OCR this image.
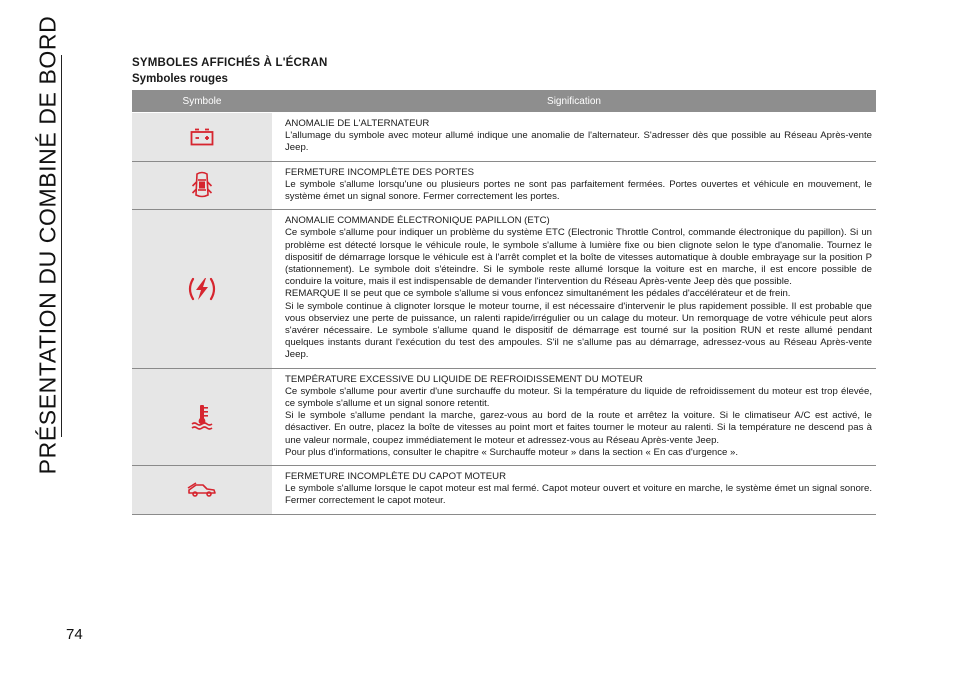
PRÉSENTATION DU COMBINÉ DE BORD
74
SYMBOLES AFFICHÉS À L'ÉCRAN
Symboles rouges
Symbole	Signification
ANOMALIE DE L'ALTERNATEUR
L'allumage du symbole avec moteur allumé indique une anomalie de l'alternateur. S'adresser dès que possible au Réseau Après-vente Jeep.
FERMETURE INCOMPLÈTE DES PORTES
Le symbole s'allume lorsqu'une ou plusieurs portes ne sont pas parfaitement fermées. Portes ouvertes et véhicule en mouvement, le système émet un signal sonore. Fermer correctement les portes.
ANOMALIE COMMANDE ÉLECTRONIQUE PAPILLON (ETC)
Ce symbole s'allume pour indiquer un problème du système ETC (Electronic Throttle Control, commande électronique du papillon). Si un problème est détecté lorsque le véhicule roule, le symbole s'allume à lumière fixe ou bien clignote selon le type d'anomalie. Tournez le dispositif de démarrage lorsque le véhicule est à l'arrêt complet et la boîte de vitesses automatique à double embrayage sur la position P (stationnement). Le symbole doit s'éteindre. Si le symbole reste allumé lorsque la voiture est en marche, il est encore possible de conduire la voiture, mais il est indispensable de demander l'intervention du Réseau Après-vente Jeep dès que possible.
REMARQUE Il se peut que ce symbole s'allume si vous enfoncez simultanément les pédales d'accélérateur et de frein.
Si le symbole continue à clignoter lorsque le moteur tourne, il est nécessaire d'intervenir le plus rapidement possible. Il est probable que vous observiez une perte de puissance, un ralenti rapide/irrégulier ou un calage du moteur. Un remorquage de votre véhicule peut alors s'avérer nécessaire. Le symbole s'allume quand le dispositif de démarrage est tourné sur la position RUN et reste allumé pendant quelques instants durant l'exécution du test des ampoules. S'il ne s'allume pas au démarrage, adressez-vous au Réseau Après-vente Jeep.
TEMPÉRATURE EXCESSIVE DU LIQUIDE DE REFROIDISSEMENT DU MOTEUR
Ce symbole s'allume pour avertir d'une surchauffe du moteur. Si la température du liquide de refroidissement du moteur est trop élevée, ce symbole s'allume et un signal sonore retentit.
Si le symbole s'allume pendant la marche, garez-vous au bord de la route et arrêtez la voiture. Si le climatiseur A/C est activé, le désactiver. En outre, placez la boîte de vitesses au point mort et faites tourner le moteur au ralenti. Si la température ne descend pas à une valeur normale, coupez immédiatement le moteur et adressez-vous au Réseau Après-vente Jeep.
Pour plus d'informations, consulter le chapitre « Surchauffe moteur » dans la section « En cas d'urgence ».
FERMETURE INCOMPLÈTE DU CAPOT MOTEUR
Le symbole s'allume lorsque le capot moteur est mal fermé. Capot moteur ouvert et voiture en marche, le système émet un signal sonore. Fermer correctement le capot moteur.
